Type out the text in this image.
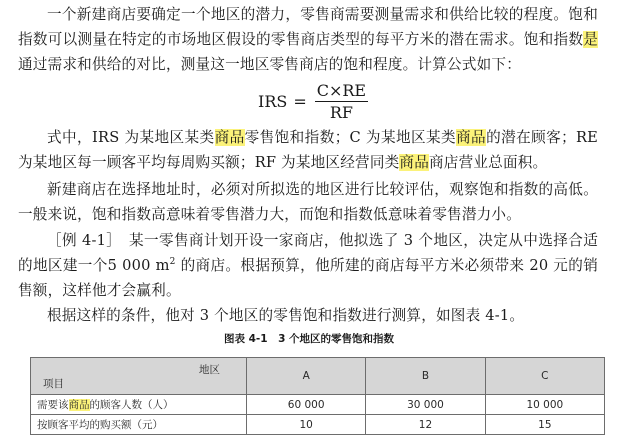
一个新建商店要确定一个地区的潜力，零售商需要测量需求和供给比较的程度。饱和指数可以测量在特定的市场地区假设的零售商店类型的每平方米的潜在需求。饱和指数是通过需求和供给的对比，测量这一地区零售商店的饱和程度。计算公式如下：

IRS = $\frac{C\times RE}{RF}$

式中，IRS 为某地区某类商品零售饱和指数；C 为某地区某类商品的潜在顾客；RE 为某地区每一顾客平均每周购买额；RF 为某地区经营同类商品商店营业总面积。

新建商店在选择地址时，必须对所拟选的地区进行比较评估，观察饱和指数的高低。一般来说，饱和指数高意味着零售潜力大，而饱和指数低意味着零售潜力小。

［例 4-1］　某一零售商计划开设一家商店，他拟选了 3 个地区，决定从中选择合适的地区建一个5 000 $m^2$ 的商店。根据预算，他所建的商店每平方米必须带来 20 元的销售额，这样他才会赢利。

根据这样的条件，他对 3 个地区的零售饱和指数进行测算，如图表 4-1。

图表 4-1　3 个地区的零售饱和指数
地区
项目	A	B	C
需要该商品的顾客人数（人）	60 000	30 000	10 000
按顾客平均的购买额（元）	10	12	15
